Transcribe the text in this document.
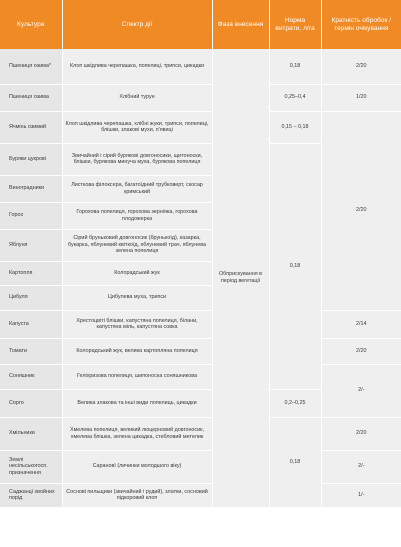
Культура	Спектр дії	Фаза внесення	Норма витрати, л/га	Кратність обробок / термін очікування
Пшениця озима*	Клоп шкідлива черепашка, попелиці, трипси, цикадки	Обприскування в період вегетації	0,18	2/20
Пшениця озима	Хлібний турун		0,25–0,4	1/20
Ячмінь озимий	Клоп шкідлива черепашка, хлібні жуки, трипси, попелиці, блішки, злакові мухи, п'явиці		0,15 – 0,18	2/20
Буряки цукрові	Звичайний і сірий бурякові довгоносики, щитоноски, блішки, бурякова минуча муха, бурякова попелиця		0,18	
Виноградники	Листкова філоксера, багатоїдний трубковерт, скосар кримський			
Горох	Горохова попелиця, горохова зерніяка, горохова плодожерка			
Яблуня	Сірий бруньковий довгоносик (брунькоїд), казарка, букарка, яблуневий квіткоїд, яблуневий трач, яблунева зелена попелиця			
Картопля	Колорадський жук			
Цибуля	Цибулева муха, трипси			
Капуста	Хрестоцвіті блішки, капустяна попелиця, білани, капустяна міль, капустяна совка			2/14
Томати	Колорадський жук, велика картопляна попелиця			2/20
Соняшник	Геліхризова попелиця, шипоноска соняшникова			2/-
Сорго	Велика злакова та інші види попелиць, цикадки		0,2–0,25	
Хмільники	Хмелева попелиця, великий люцерновий довгоносик, хмелева блішка, зелена цикадка, стебловий метелик		0,18	2/20
Землі несільськогосп. призначення	Сарановї (личинки молодшого віку)			2/-
Саджанці хвойних порід	Соснові пильщики (звичайний і рудий), златки, сосновий підкоровий клоп			1/-
